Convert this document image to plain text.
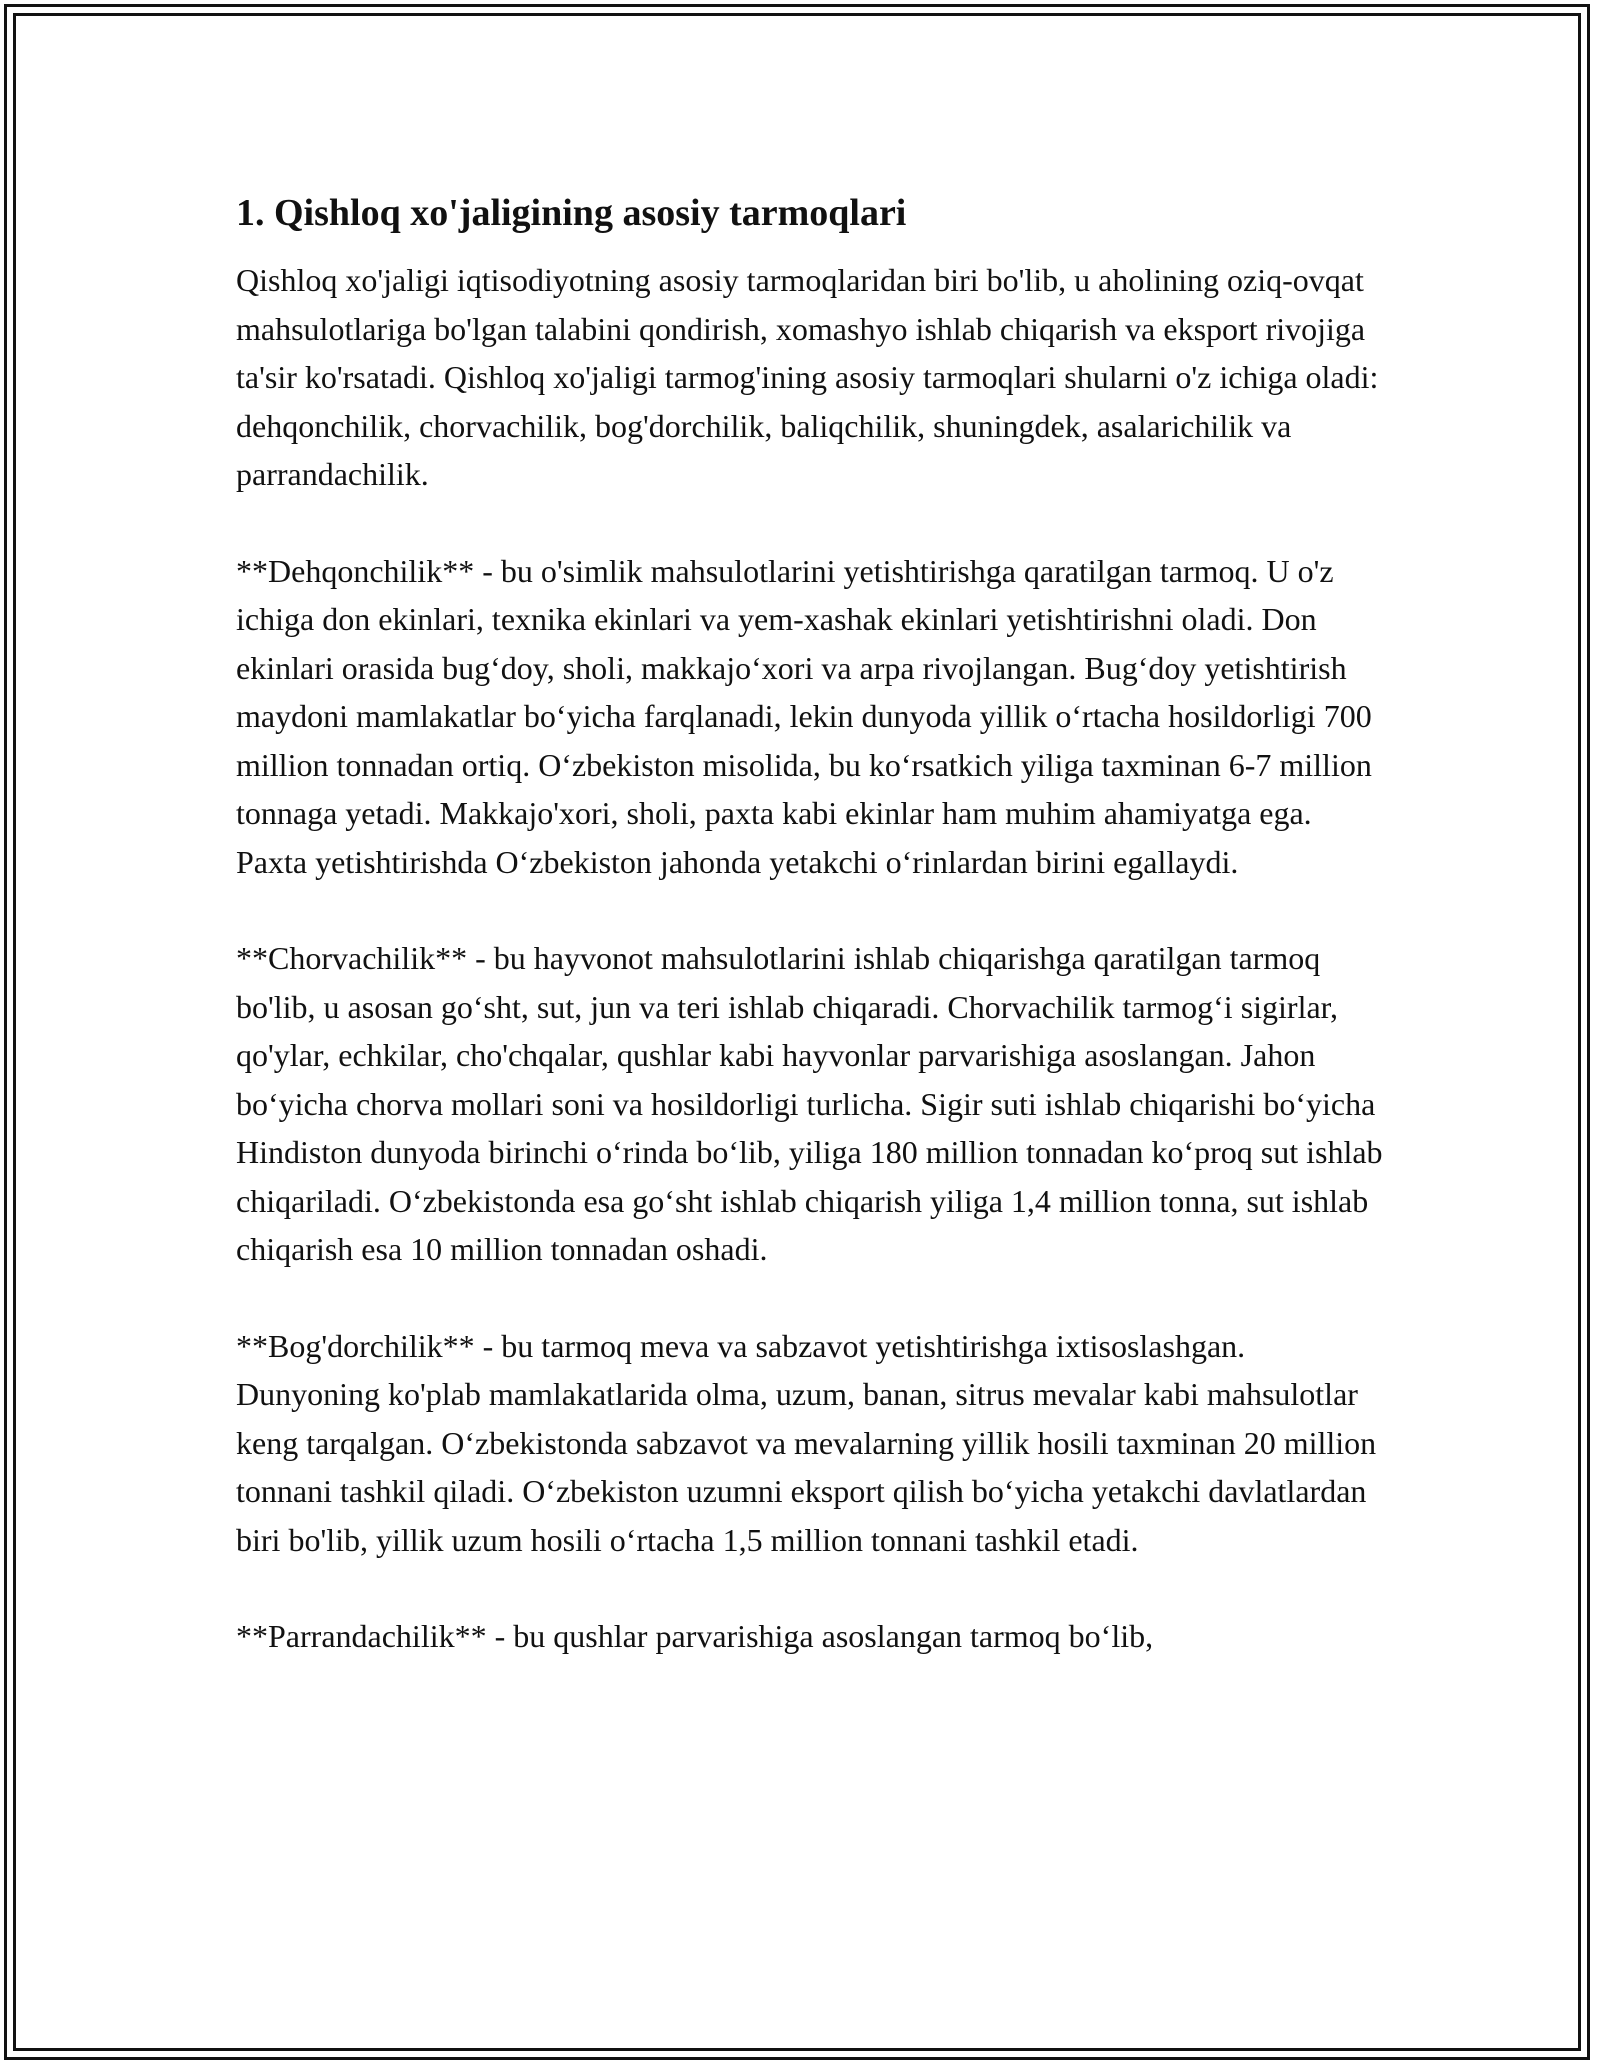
1. Qishloq xo'jaligining asosiy tarmoqlari

Qishloq xo'jaligi iqtisodiyotning asosiy tarmoqlaridan biri bo'lib, u aholining oziq-ovqat mahsulotlariga bo'lgan talabini qondirish, xomashyo ishlab chiqarish va eksport rivojiga ta'sir ko'rsatadi. Qishloq xo'jaligi tarmog'ining asosiy tarmoqlari shularni o'z ichiga oladi: dehqonchilik, chorvachilik, bog'dorchilik, baliqchilik, shuningdek, asalarichilik va parrandachilik.

**Dehqonchilik** - bu o'simlik mahsulotlarini yetishtirishga qaratilgan tarmoq. U o'z ichiga don ekinlari, texnika ekinlari va yem-xashak ekinlari yetishtirishni oladi. Don ekinlari orasida bug‘doy, sholi, makkajo‘xori va arpa rivojlangan. Bug‘doy yetishtirish maydoni mamlakatlar bo‘yicha farqlanadi, lekin dunyoda yillik o‘rtacha hosildorligi 700 million tonnadan ortiq. O‘zbekiston misolida, bu ko‘rsatkich yiliga taxminan 6-7 million tonnaga yetadi. Makkajo'xori, sholi, paxta kabi ekinlar ham muhim ahamiyatga ega. Paxta yetishtirishda O‘zbekiston jahonda yetakchi o‘rinlardan birini egallaydi.

**Chorvachilik** - bu hayvonot mahsulotlarini ishlab chiqarishga qaratilgan tarmoq bo'lib, u asosan go‘sht, sut, jun va teri ishlab chiqaradi. Chorvachilik tarmog‘i sigirlar, qo'ylar, echkilar, cho'chqalar, qushlar kabi hayvonlar parvarishiga asoslangan. Jahon bo‘yicha chorva mollari soni va hosildorligi turlicha. Sigir suti ishlab chiqarishi bo‘yicha Hindiston dunyoda birinchi o‘rinda bo‘lib, yiliga 180 million tonnadan ko‘proq sut ishlab chiqariladi. O‘zbekistonda esa go‘sht ishlab chiqarish yiliga 1,4 million tonna, sut ishlab chiqarish esa 10 million tonnadan oshadi.

**Bog'dorchilik** - bu tarmoq meva va sabzavot yetishtirishga ixtisoslashgan. Dunyoning ko'plab mamlakatlarida olma, uzum, banan, sitrus mevalar kabi mahsulotlar keng tarqalgan. O‘zbekistonda sabzavot va mevalarning yillik hosili taxminan 20 million tonnani tashkil qiladi. O‘zbekiston uzumni eksport qilish bo‘yicha yetakchi davlatlardan biri bo'lib, yillik uzum hosili o‘rtacha 1,5 million tonnani tashkil etadi.

**Parrandachilik** - bu qushlar parvarishiga asoslangan tarmoq bo‘lib,
